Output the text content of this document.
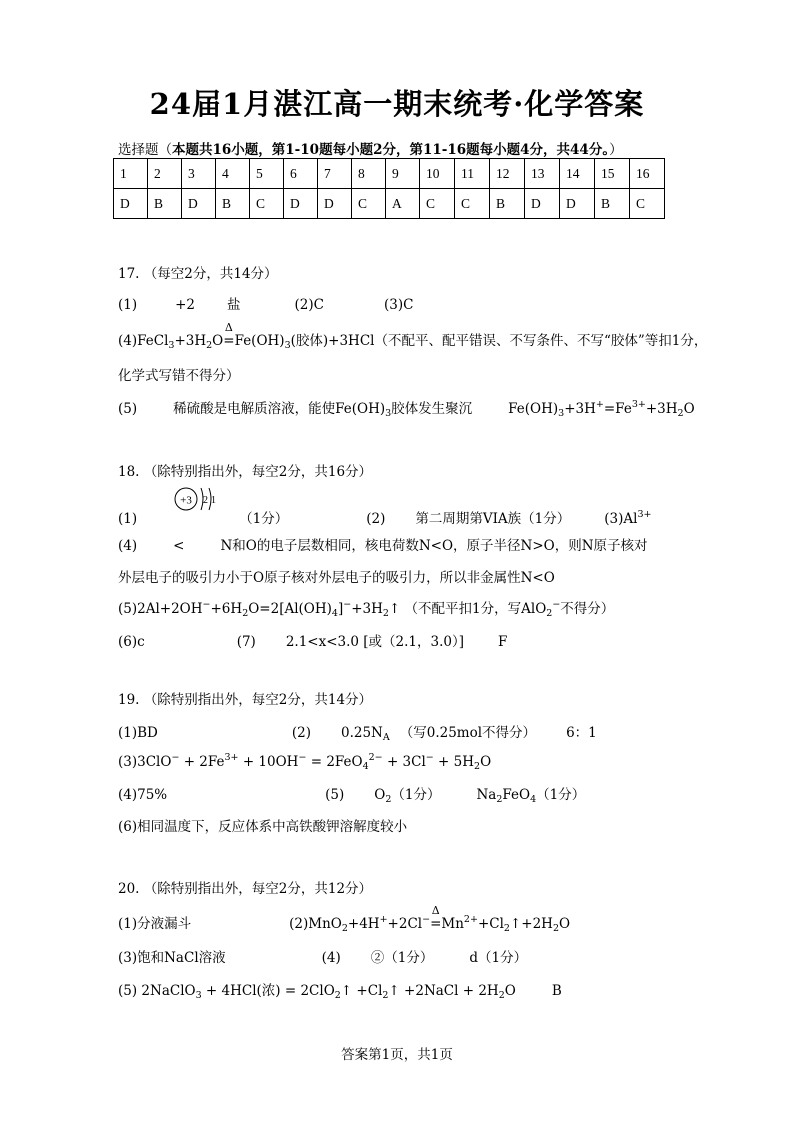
24届1月湛江高一期末统考·化学答案
选择题（本题共16小题，第1-10题每小题2分，第11-16题每小题4分，共44分。）
1	2	3	4	5	6	7	8	9	10	11	12	13	14	15	16
D	B	D	B	C	D	D	C	A	C	C	B	D	D	B	C
17. （每空2分，共14分）
(1)	+2 盐	(2)C	(3)C
$(4)FeCl_3+3H_2O$
Δ
$=Fe(OH)_3$(胶体)+3HCl（不配平、配平错误、不写条件、不写“胶体”等扣1分，
化学式写错不得分）
(5)	稀硫酸是电解质溶液，能使$Fe(OH)_3$胶体发生聚沉	$Fe(OH)_3+3H^+=Fe^{3+}+3H_2O$
18. （除特别指出外，每空2分，共16分）
+3 2 1
(1)	（1分）	(2) 第二周期第VIA族（1分）	$(3)Al^{3+}$
(4)	<	N和O的电子层数相同，核电荷数N<O，原子半径N>O，则N原子核对
外层电子的吸引力小于O原子核对外层电子的吸引力，所以非金属性N<O
$(5)2Al+2OH^-+6H_2O=2[Al(OH)_4]^-+3H_2↑$ （不配平扣1分，写AlO$_2$−不得分）
(6)c	(7) 2.1<x<3.0 [或（2.1，3.0）]	F
19. （除特别指出外，每空2分，共14分）
(1)BD	(2) $0.25N_A$ （写0.25mol不得分） 6：1
$(3)3ClO^- + 2Fe^{3+} + 10OH^- = 2FeO_4^{2-} + 3Cl^- + 5H_2O$
(4)75%	(5) $O_2(1$分）	$Na_2FeO_4(1$分）
(6)相同温度下，反应体系中高铁酸钾溶解度较小
20. （除特别指出外，每空2分，共12分）
(1)分液漏斗	(2)MnO$_2$+4H++2Cl−
Δ
$=Mn^{2+}+Cl_2↑+2H_2O$
(3)饱和NaCl溶液	(4) ②（1分）	d（1分）
(5) 2NaClO$_3$ + 4HCl(浓) = 2ClO$_2$↑ $+Cl_2↑$ +2NaCl + $2H_2O$	B
答案第1页，共1页
